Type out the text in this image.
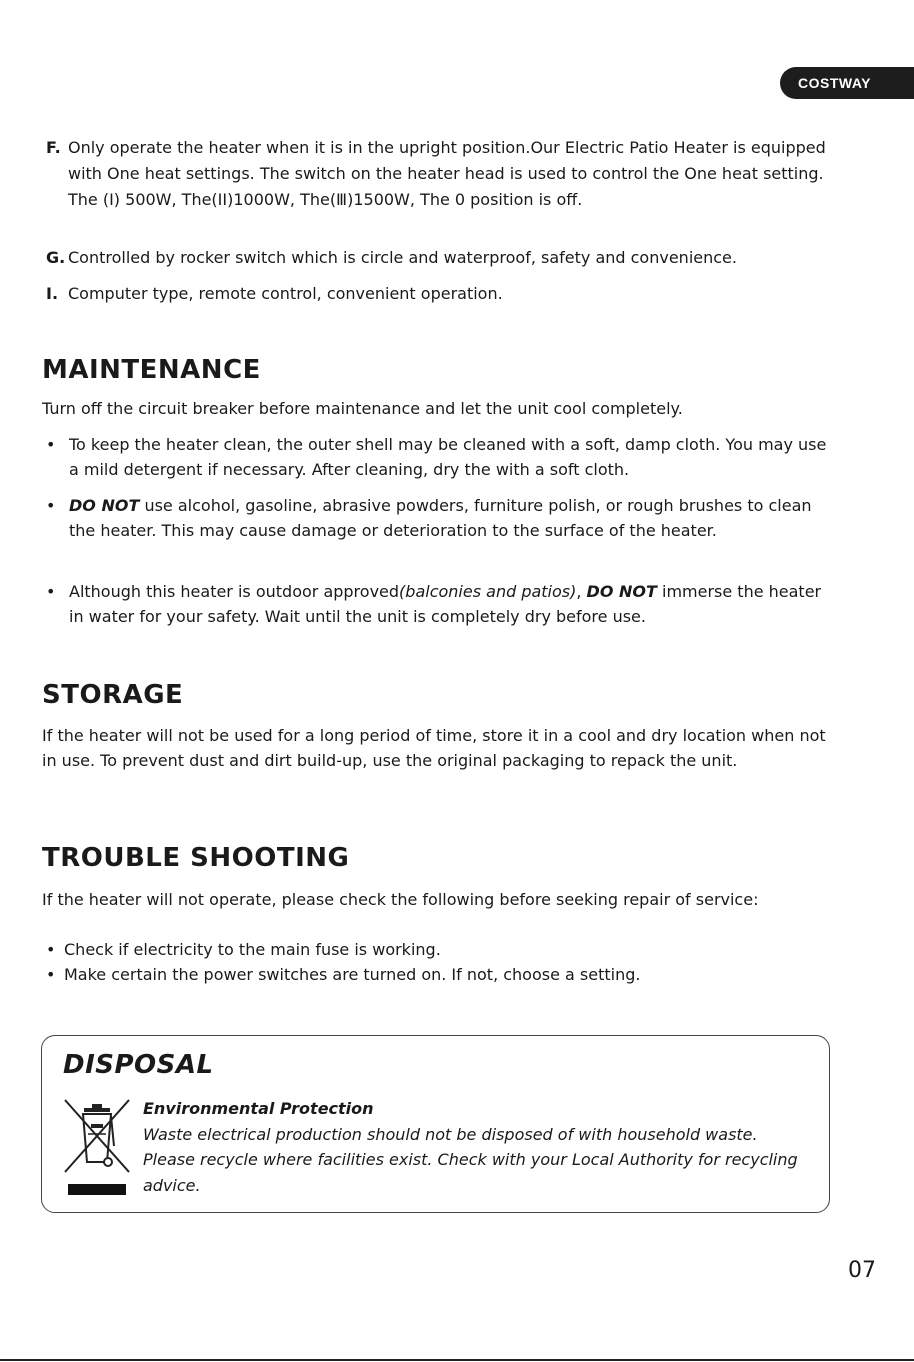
COSTWAY
F. Only operate the heater when it is in the upright position.Our Electric Patio Heater is equipped with One heat settings. The switch on the heater head is used to control the One heat setting. The (I) 500W, The(II)1000W, The(Ⅲ)1500W, The 0 position is off.
G. Controlled by rocker switch which is circle and waterproof, safety and convenience.
I. Computer type, remote control, convenient operation.
MAINTENANCE

Turn off the circuit breaker before maintenance and let the unit cool completely.

• To keep the heater clean, the outer shell may be cleaned with a soft, damp cloth. You may use a mild detergent if necessary. After cleaning, dry the with a soft cloth.
• DO NOT use alcohol, gasoline, abrasive powders, furniture polish, or rough brushes to clean the heater. This may cause damage or deterioration to the surface of the heater.
• Although this heater is outdoor approved(balconies and patios), DO NOT immerse the heater in water for your safety. Wait until the unit is completely dry before use.
STORAGE

If the heater will not be used for a long period of time, store it in a cool and dry location when not in use. To prevent dust and dirt build-up, use the original packaging to repack the unit.

TROUBLE SHOOTING

If the heater will not operate, please check the following before seeking repair of service:

• Check if electricity to the main fuse is working.
• Make certain the power switches are turned on. If not, choose a setting.
DISPOSAL
Environmental Protection
Waste electrical production should not be disposed of with household waste. Please recycle where facilities exist. Check with your Local Authority for recycling advice.
07
